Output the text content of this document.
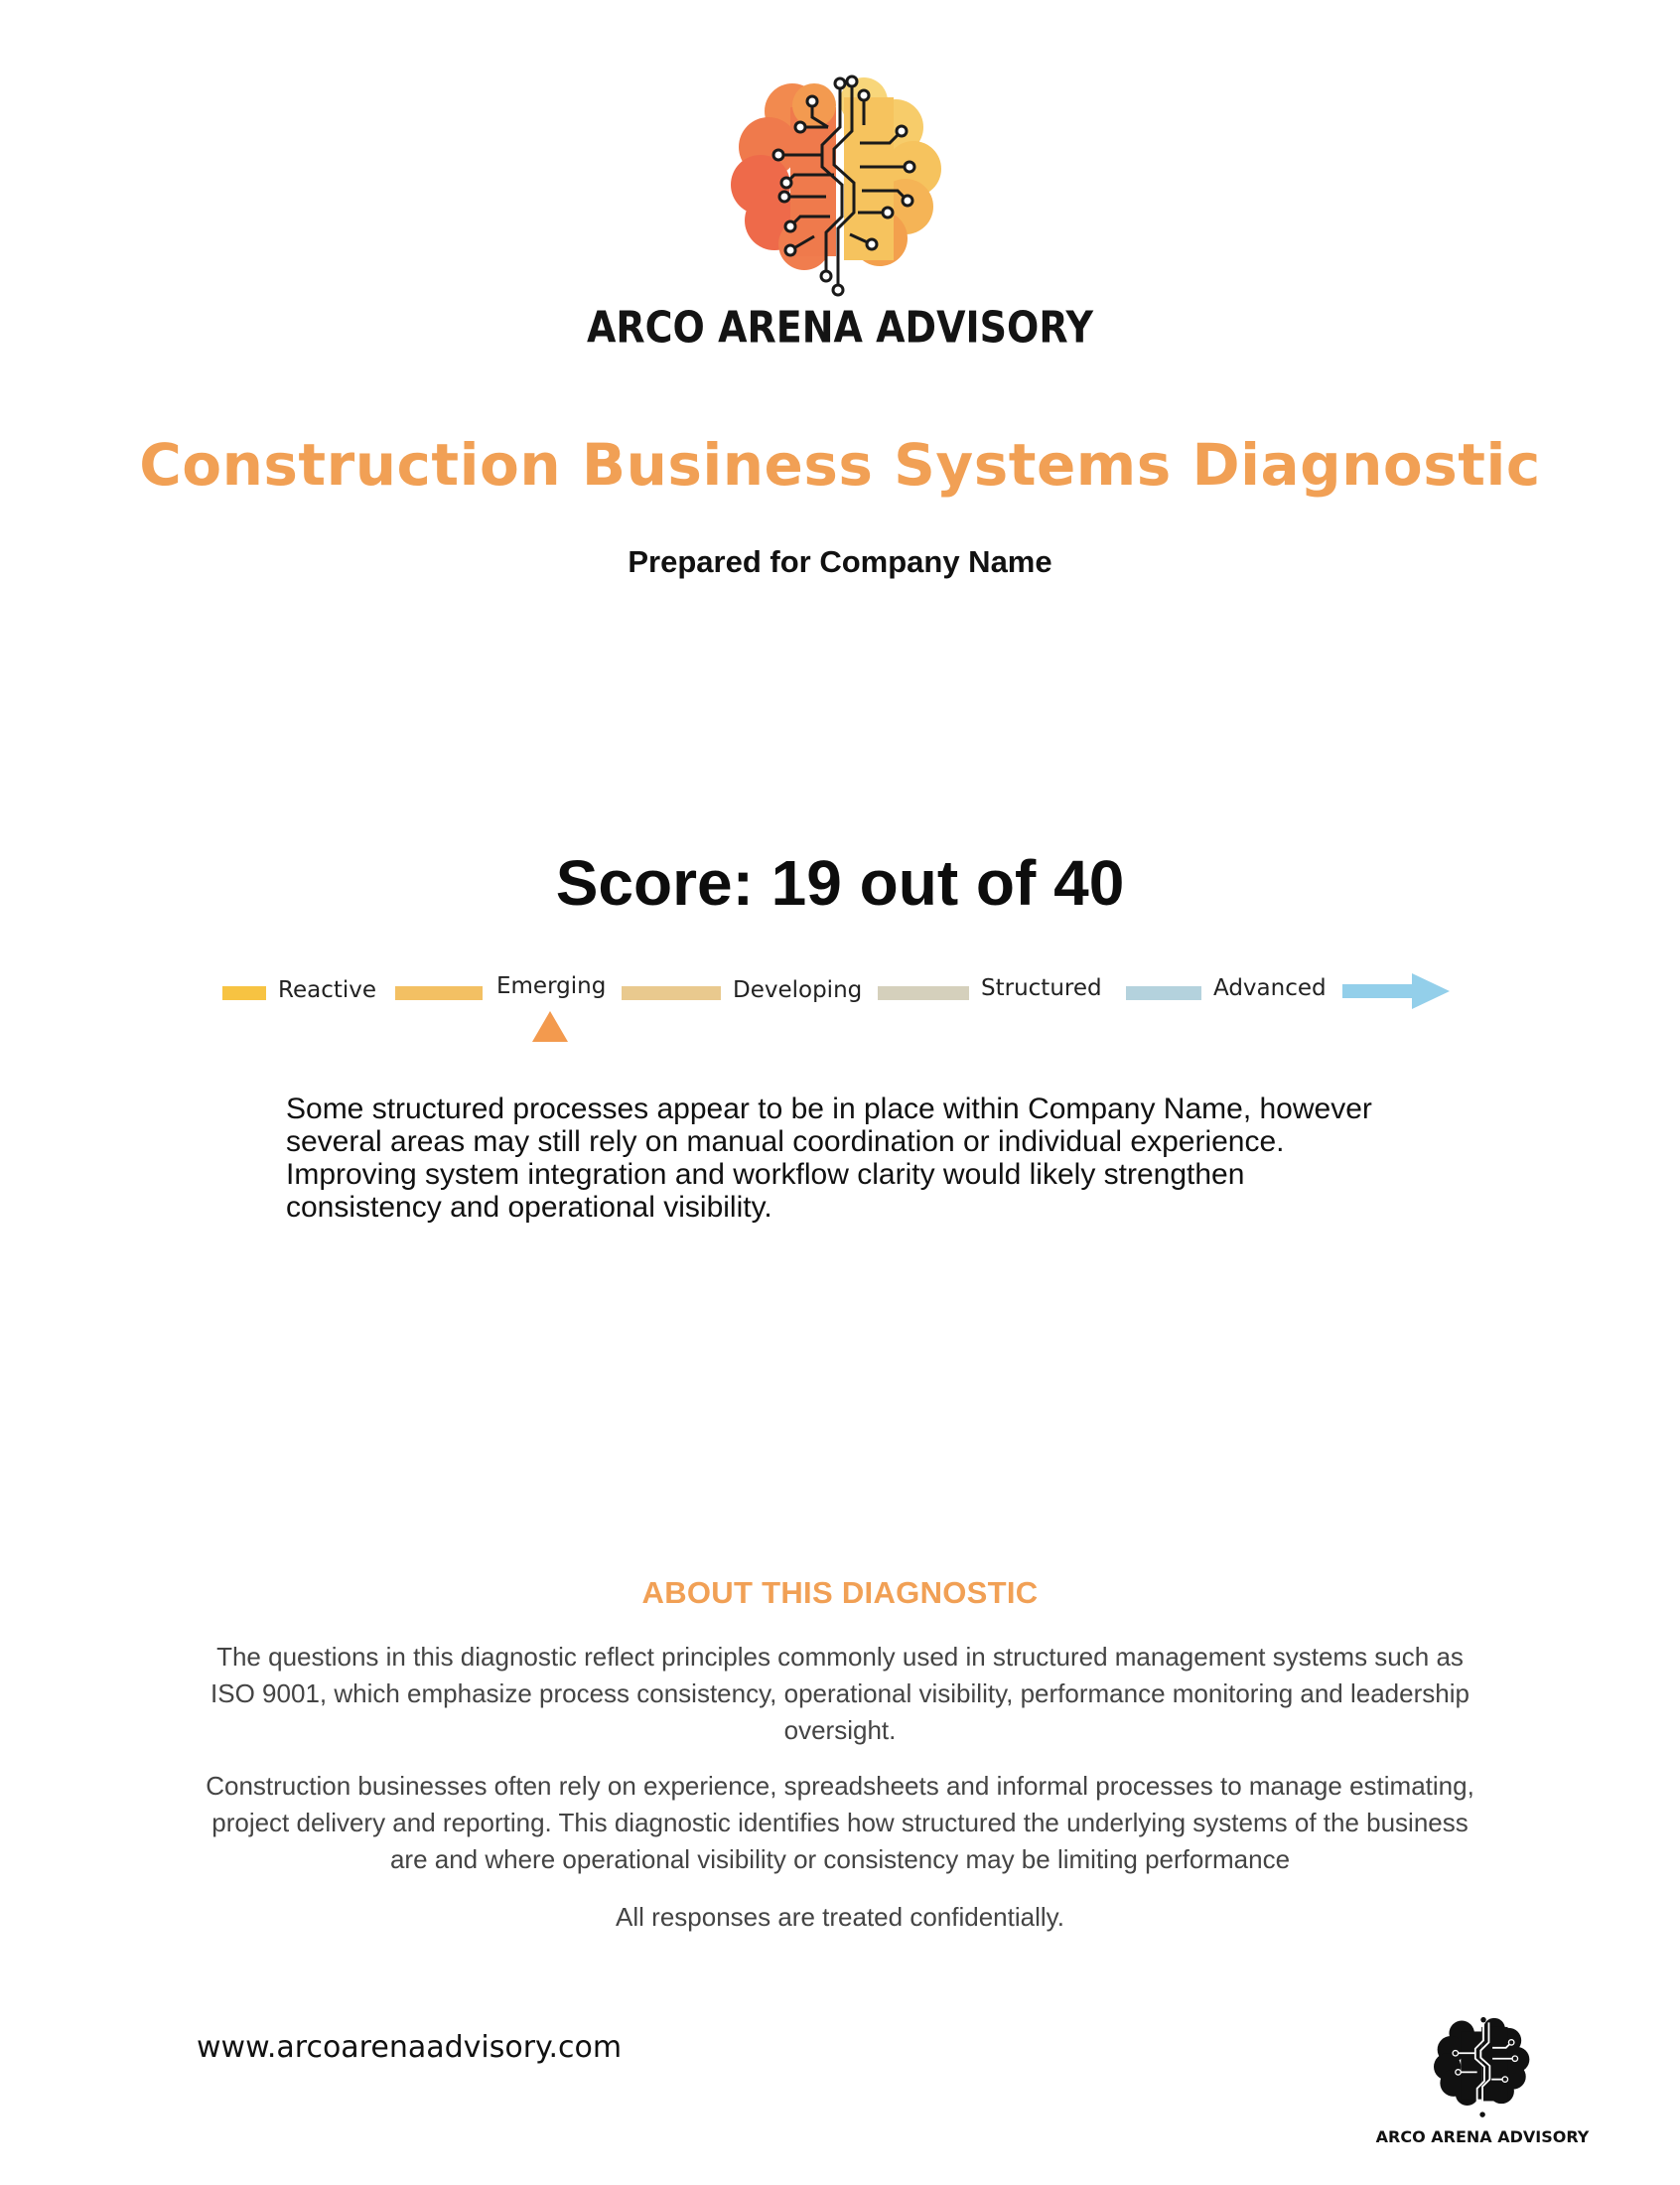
ARCO ARENA ADVISORY
Construction Business Systems Diagnostic
Prepared for Company Name
Score: 19 out of 40
Reactive	Emerging	Developing	Structured	Advanced
Some structured processes appear to be in place within Company Name, however several areas may still rely on manual coordination or individual experience. Improving system integration and workflow clarity would likely strengthen consistency and operational visibility.
ABOUT THIS DIAGNOSTIC
The questions in this diagnostic reflect principles commonly used in structured management systems such as ISO 9001, which emphasize process consistency, operational visibility, performance monitoring and leadership oversight.
Construction businesses often rely on experience, spreadsheets and informal processes to manage estimating, project delivery and reporting. This diagnostic identifies how structured the underlying systems of the business are and where operational visibility or consistency may be limiting performance
All responses are treated confidentially.
www.arcoarenaadvisory.com
ARCO ARENA ADVISORY
